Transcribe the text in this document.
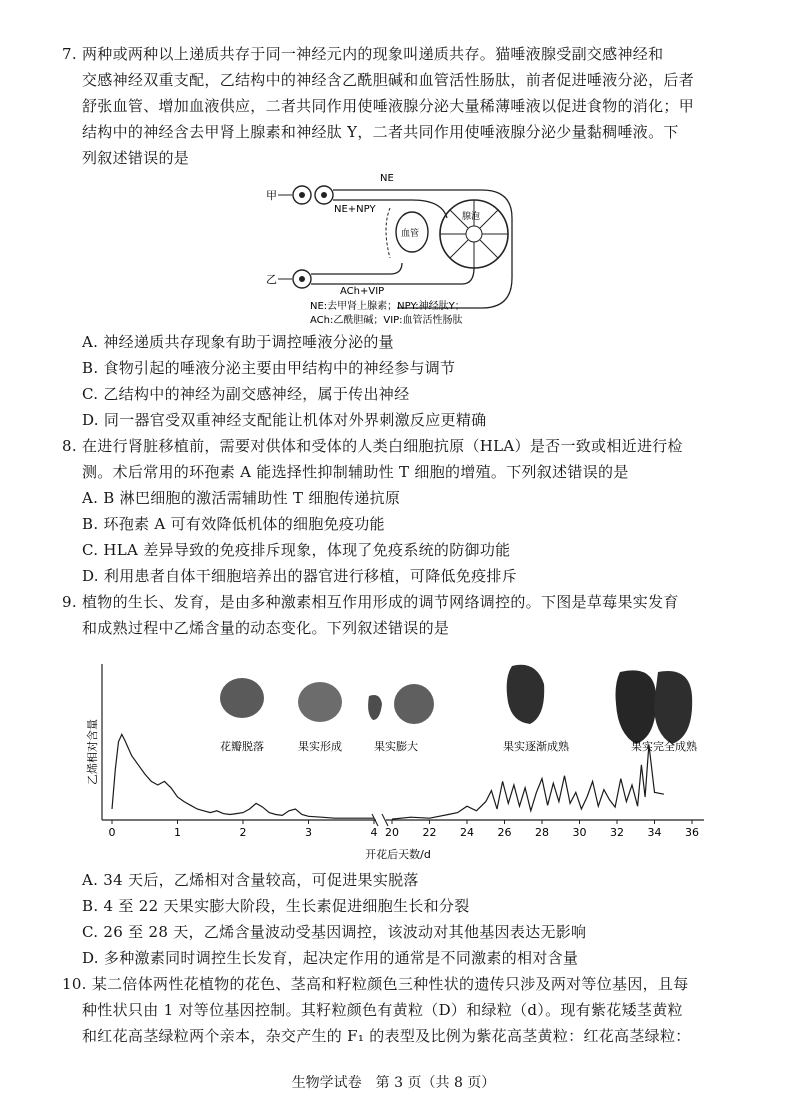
7. 两种或两种以上递质共存于同一神经元内的现象叫递质共存。猫唾液腺受副交感神经和
交感神经双重支配，乙结构中的神经含乙酰胆碱和血管活性肠肽，前者促进唾液分泌，后者
舒张血管、增加血液供应，二者共同作用使唾液腺分泌大量稀薄唾液以促进食物的消化；甲
结构中的神经含去甲肾上腺素和神经肽 Y，二者共同作用使唾液腺分泌少量黏稠唾液。下
列叙述错误的是
甲
NE
NE+NPY
血管
腺泡
乙
ACh+VIP
NE:去甲肾上腺素；NPY:神经肽Y；
ACh:乙酰胆碱；VIP:血管活性肠肽
A. 神经递质共存现象有助于调控唾液分泌的量
B. 食物引起的唾液分泌主要由甲结构中的神经参与调节
C. 乙结构中的神经为副交感神经，属于传出神经
D. 同一器官受双重神经支配能让机体对外界刺激反应更精确
8. 在进行肾脏移植前，需要对供体和受体的人类白细胞抗原（HLA）是否一致或相近进行检
测。术后常用的环孢素 A 能选择性抑制辅助性 T 细胞的增殖。下列叙述错误的是
A. B 淋巴细胞的激活需辅助性 T 细胞传递抗原
B. 环孢素 A 可有效降低机体的细胞免疫功能
C. HLA 差异导致的免疫排斥现象，体现了免疫系统的防御功能
D. 利用患者自体干细胞培养出的器官进行移植，可降低免疫排斥
9. 植物的生长、发育，是由多种激素相互作用形成的调节网络调控的。下图是草莓果实发育
和成熟过程中乙烯含量的动态变化。下列叙述错误的是
乙烯相对含量
开花后天数/d
花瓣脱落	果实形成	果实膨大	果实逐渐成熟	果实完全成熟
0	1	2	3	4 20 22 24 26 28 30 32 34 36
A. 34 天后，乙烯相对含量较高，可促进果实脱落
B. 4 至 22 天果实膨大阶段，生长素促进细胞生长和分裂
C. 26 至 28 天，乙烯含量波动受基因调控，该波动对其他基因表达无影响
D. 多种激素同时调控生长发育，起决定作用的通常是不同激素的相对含量
10. 某二倍体两性花植物的花色、茎高和籽粒颜色三种性状的遗传只涉及两对等位基因，且每
种性状只由 1 对等位基因控制。其籽粒颜色有黄粒（D）和绿粒（d）。现有紫花矮茎黄粒
和红花高茎绿粒两个亲本，杂交产生的 F₁ 的表型及比例为紫花高茎黄粒：红花高茎绿粒：
生物学试卷　第 3 页（共 8 页）
